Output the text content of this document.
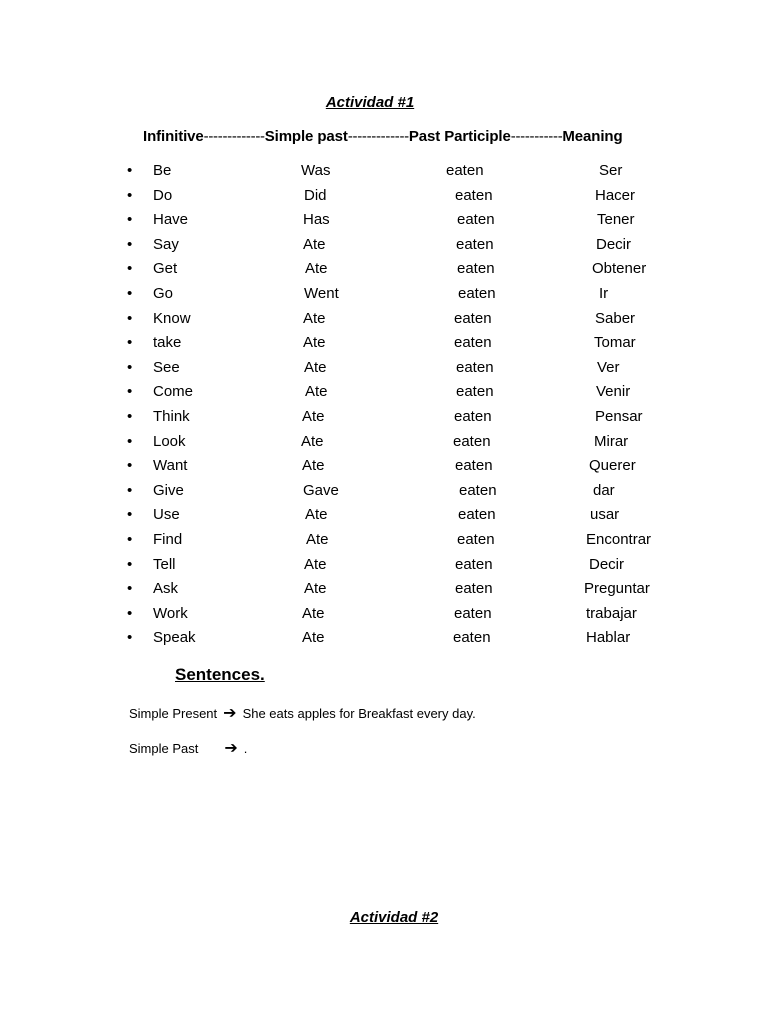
Actividad #1
Infinitive-------------Simple past-------------Past Participle-----------Meaning
• Be	Was	eaten	Ser
• Do	Did	eaten	Hacer
• Have	Has	eaten	Tener
• Say	Ate	eaten	Decir
• Get	Ate	eaten	Obtener
• Go	Went	eaten	Ir
• Know	Ate	eaten	Saber
• take	Ate	eaten	Tomar
• See	Ate	eaten	Ver
• Come	Ate	eaten	Venir
• Think	Ate	eaten	Pensar
• Look	Ate	eaten	Mirar
• Want	Ate	eaten	Querer
• Give	Gave	eaten	dar
• Use	Ate	eaten	usar
• Find	Ate	eaten	Encontrar
• Tell	Ate	eaten	Decir
• Ask	Ate	eaten	Preguntar
• Work	Ate	eaten	trabajar
• Speak	Ate	eaten	Hablar
Sentences.
Simple Present ➔ She eats apples for Breakfast every day.
Simple Past ➔ .
Actividad #2
